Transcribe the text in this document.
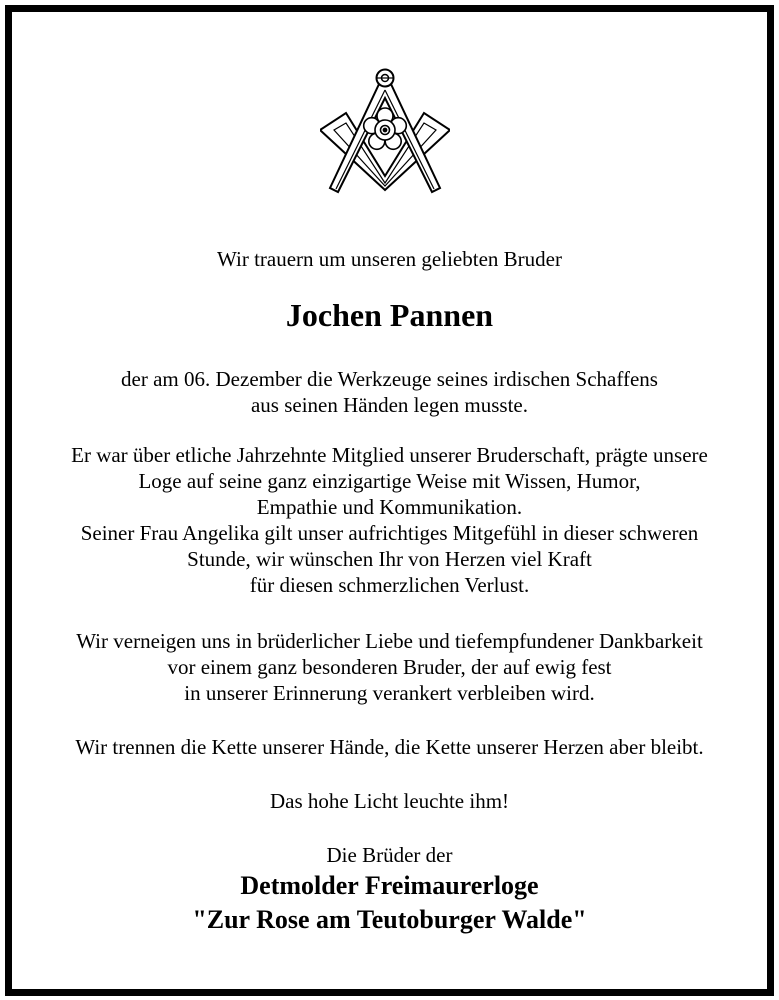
Wir trauern um unseren geliebten Bruder
Jochen Pannen
der am 06. Dezember die Werkzeuge seines irdischen Schaffens
aus seinen Händen legen musste.
Er war über etliche Jahrzehnte Mitglied unserer Bruderschaft, prägte unsere
Loge auf seine ganz einzigartige Weise mit Wissen, Humor,
Empathie und Kommunikation.
Seiner Frau Angelika gilt unser aufrichtiges Mitgefühl in dieser schweren
Stunde, wir wünschen Ihr von Herzen viel Kraft
für diesen schmerzlichen Verlust.
Wir verneigen uns in brüderlicher Liebe und tiefempfundener Dankbarkeit
vor einem ganz besonderen Bruder, der auf ewig fest
in unserer Erinnerung verankert verbleiben wird.
Wir trennen die Kette unserer Hände, die Kette unserer Herzen aber bleibt.
Das hohe Licht leuchte ihm!
Die Brüder der
Detmolder Freimaurerloge
"Zur Rose am Teutoburger Walde"
